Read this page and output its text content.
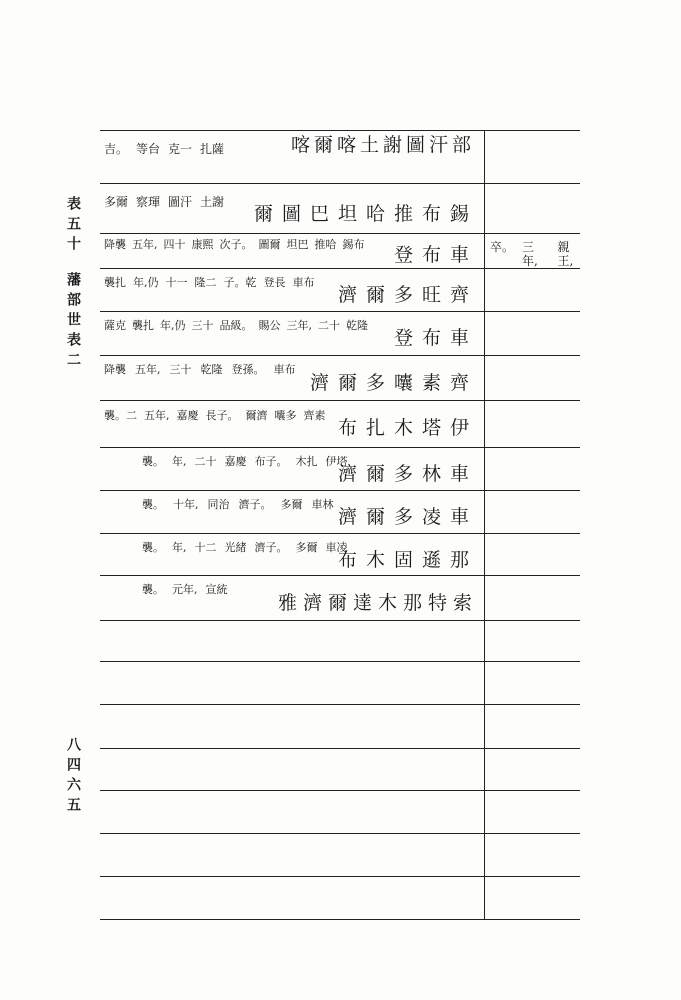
表五十
藩部世表二
八四六五
喀爾喀土謝圖汗部
吉。 等台 克一 扎薩
多爾 察琿 圖汗 土謝
錫布推哈坦巴圖爾
降襲 五年, 四十 康熙 次子。 圖爾 坦巴 推哈 錫布 車布登
襲扎 年,仍 十一 隆二 子。乾 登長 車布
齊旺多爾濟
薩克 襲扎 年,仍 三十 品級。 賜公 三年, 二十 乾隆
車布登
降襲 五年, 三十 乾隆 登孫。 車布
齊素囔多爾濟
襲。二 五年, 嘉慶 長子。 爾濟 囔多 齊素
伊塔木扎布
襲。 年, 二十 嘉慶 布子。 木扎 伊塔
車林多爾濟
襲。 十年, 同治 濟子。 多爾 車林
車凌多爾濟
襲。 年, 十二 光緒 濟子。 多爾 車凌
那遜固木布
襲。 元年, 宣統
索特那木達爾濟雅
卒。 三年,
親王,
